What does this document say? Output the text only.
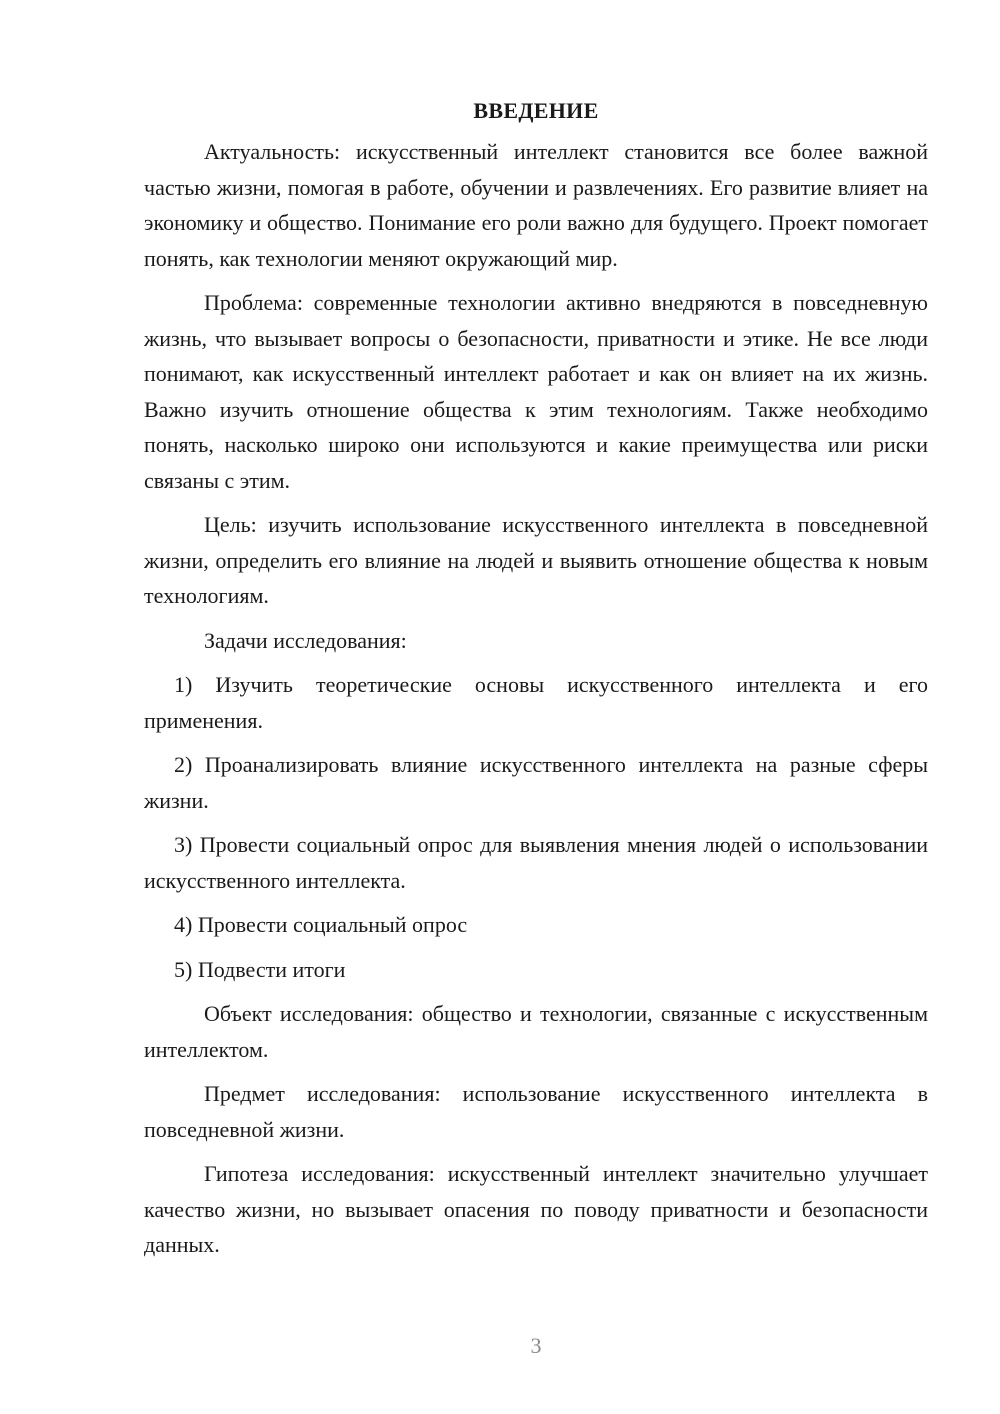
ВВЕДЕНИЕ

Актуальность: искусственный интеллект становится все более важной частью жизни, помогая в работе, обучении и развлечениях. Его развитие влияет на экономику и общество. Понимание его роли важно для будущего. Проект помогает понять, как технологии меняют окружающий мир.

Проблема: современные технологии активно внедряются в повседневную жизнь, что вызывает вопросы о безопасности, приватности и этике. Не все люди понимают, как искусственный интеллект работает и как он влияет на их жизнь. Важно изучить отношение общества к этим технологиям. Также необходимо понять, насколько широко они используются и какие преимущества или риски связаны с этим.

Цель: изучить использование искусственного интеллекта в повседневной жизни, определить его влияние на людей и выявить отношение общества к новым технологиям.

Задачи исследования:

1) Изучить теоретические основы искусственного интеллекта и его применения.

2) Проанализировать влияние искусственного интеллекта на разные сферы жизни.

3) Провести социальный опрос для выявления мнения людей о использовании искусственного интеллекта.

4) Провести социальный опрос

5) Подвести итоги

Объект исследования: общество и технологии, связанные с искусственным интеллектом.

Предмет исследования: использование искусственного интеллекта в повседневной жизни.

Гипотеза исследования: искусственный интеллект значительно улучшает качество жизни, но вызывает опасения по поводу приватности и безопасности данных.

3
